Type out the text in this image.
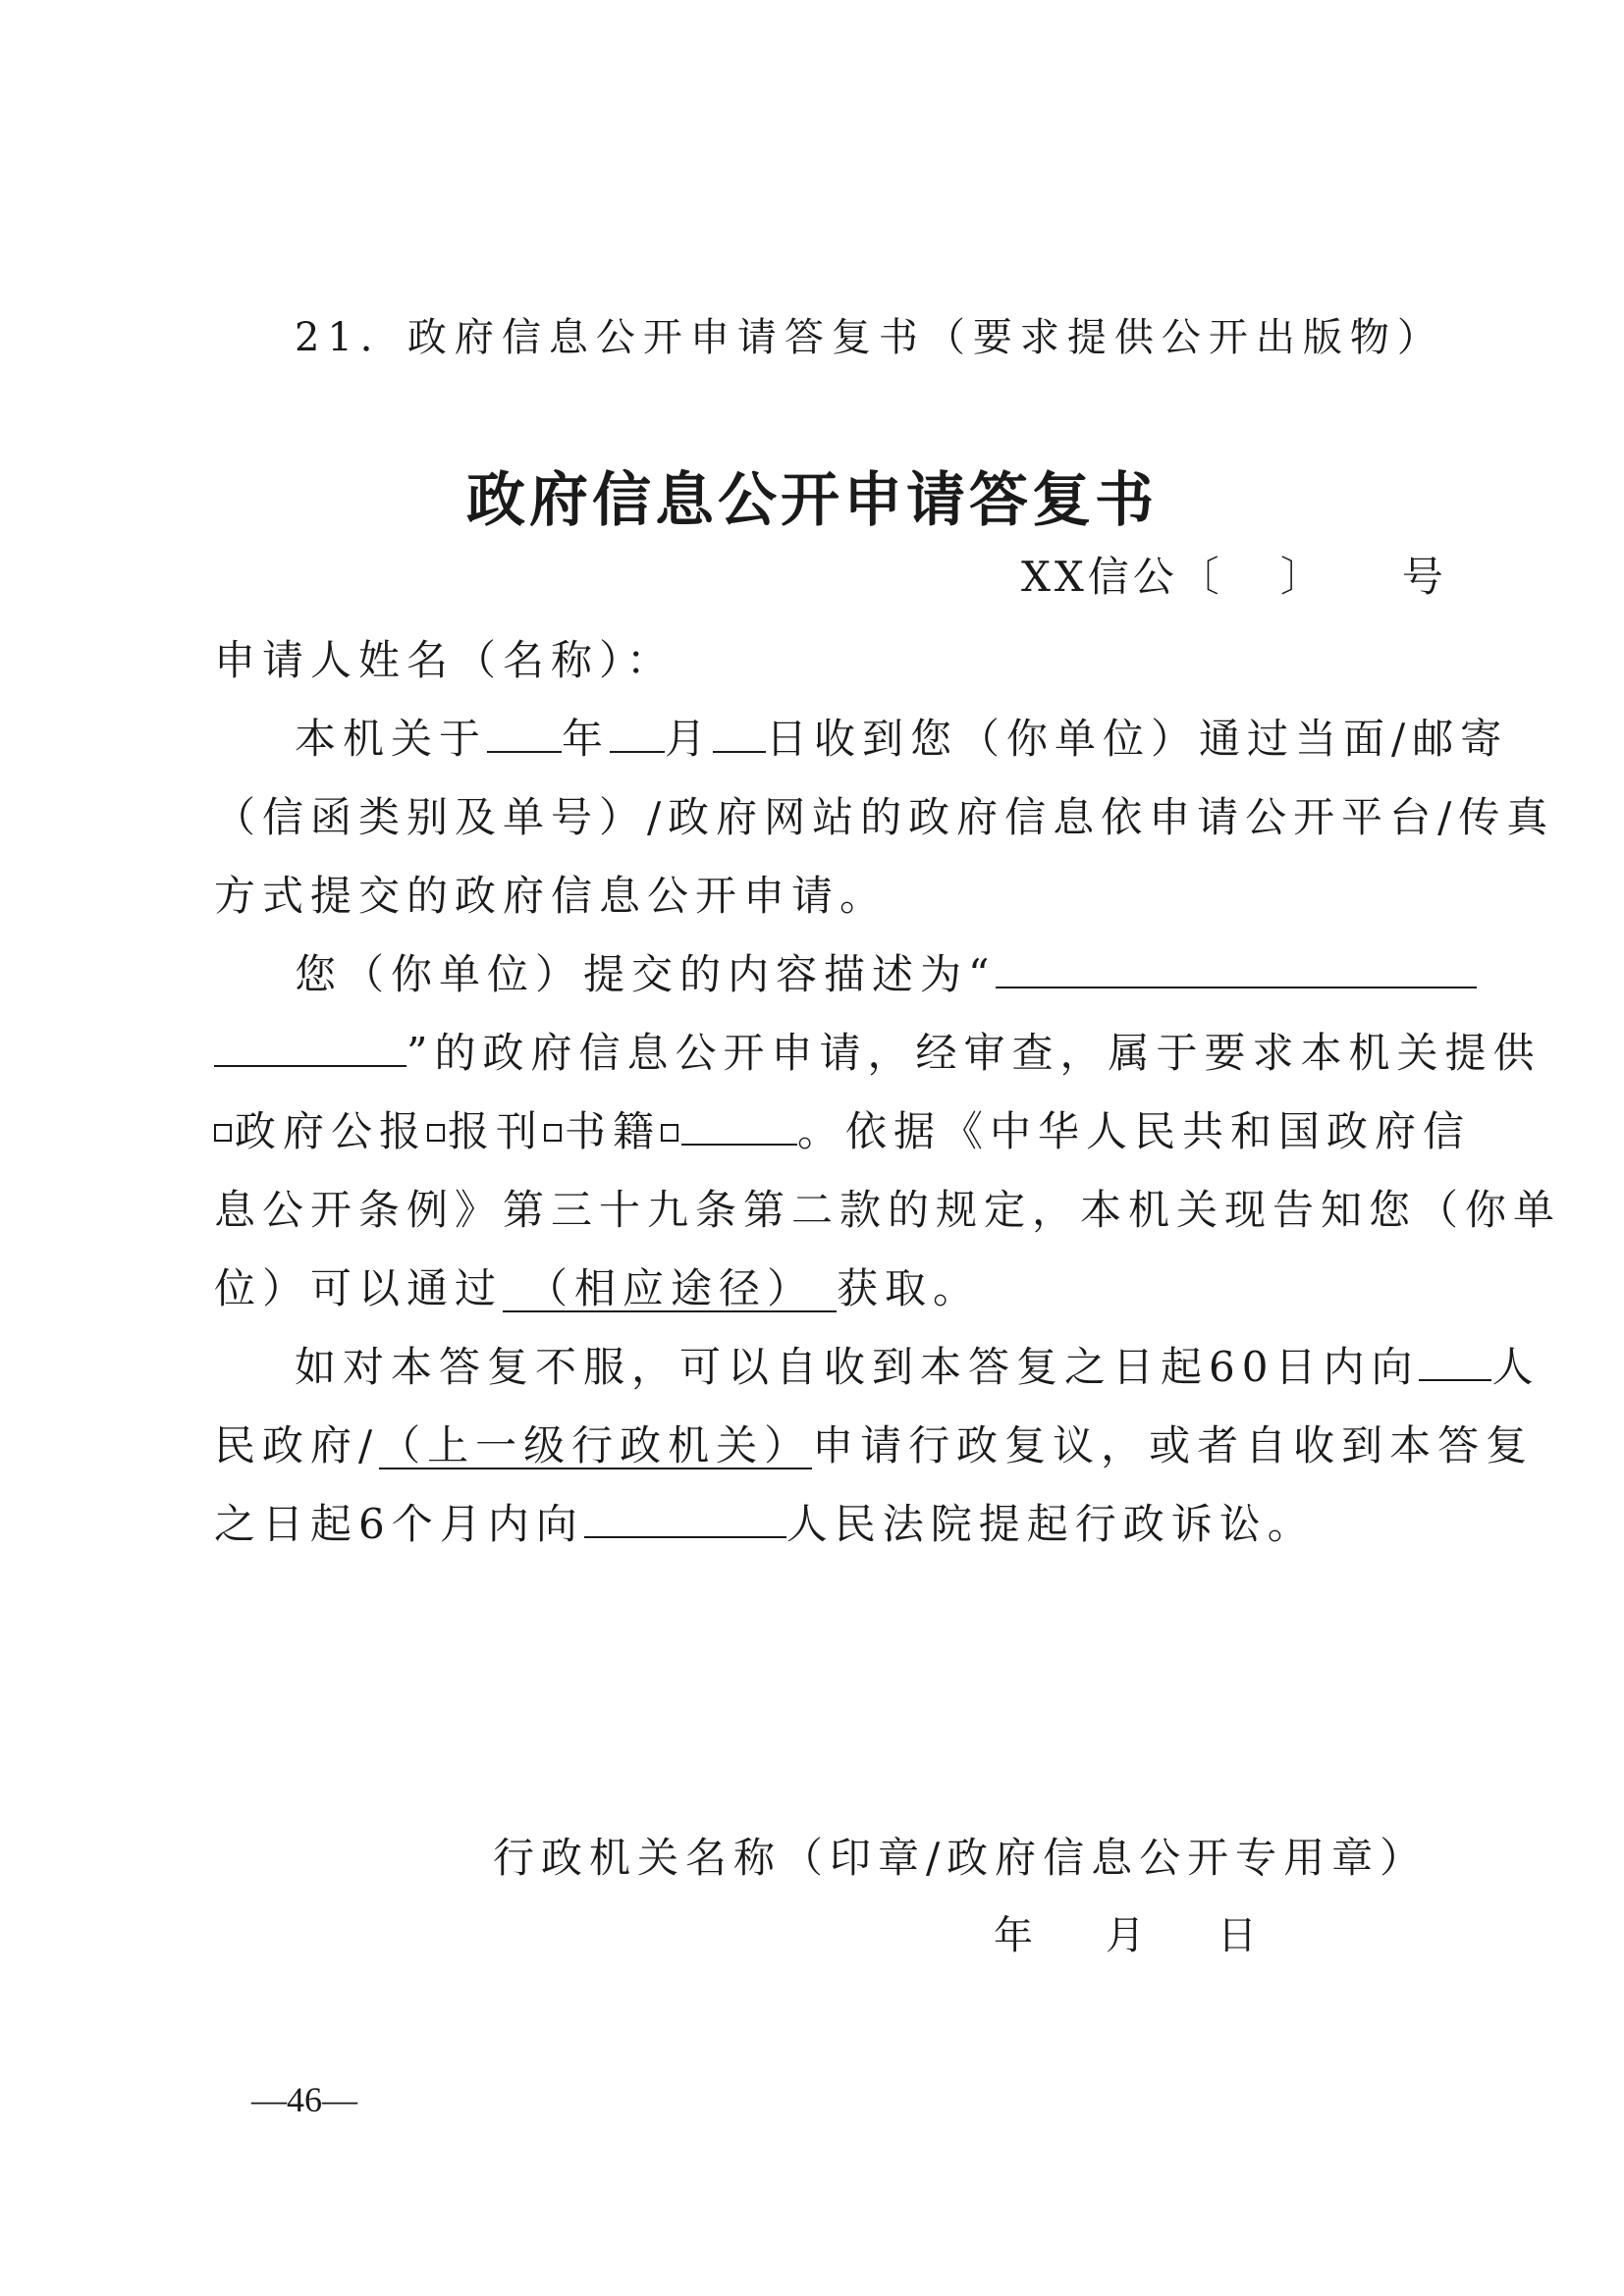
21．政府信息公开申请答复书（要求提供公开出版物）
政府信息公开申请答复书
XX信公〔 〕 号
申请人姓名（名称）：
本机关于 年 月 日收到您（你单位）通过当面/邮寄
（信函类别及单号）/政府网站的政府信息依申请公开平台/传真
方式提交的政府信息公开申请。
您（你单位）提交的内容描述为“
”的政府信息公开申请，经审查，属于要求本机关提供
政府公报 报刊 书籍	。依据《中华人民共和国政府信
息公开条例》第三十九条第二款的规定，本机关现告知您（你单
位）可以通过 （相应途径） 获取。
如对本答复不服，可以自收到本答复之日起60日内向 人
民政府/（上一级行政机关）申请行政复议，或者自收到本答复
之日起6个月内向	人民法院提起行政诉讼。
行政机关名称（印章/政府信息公开专用章）
年 月 日
—46—
